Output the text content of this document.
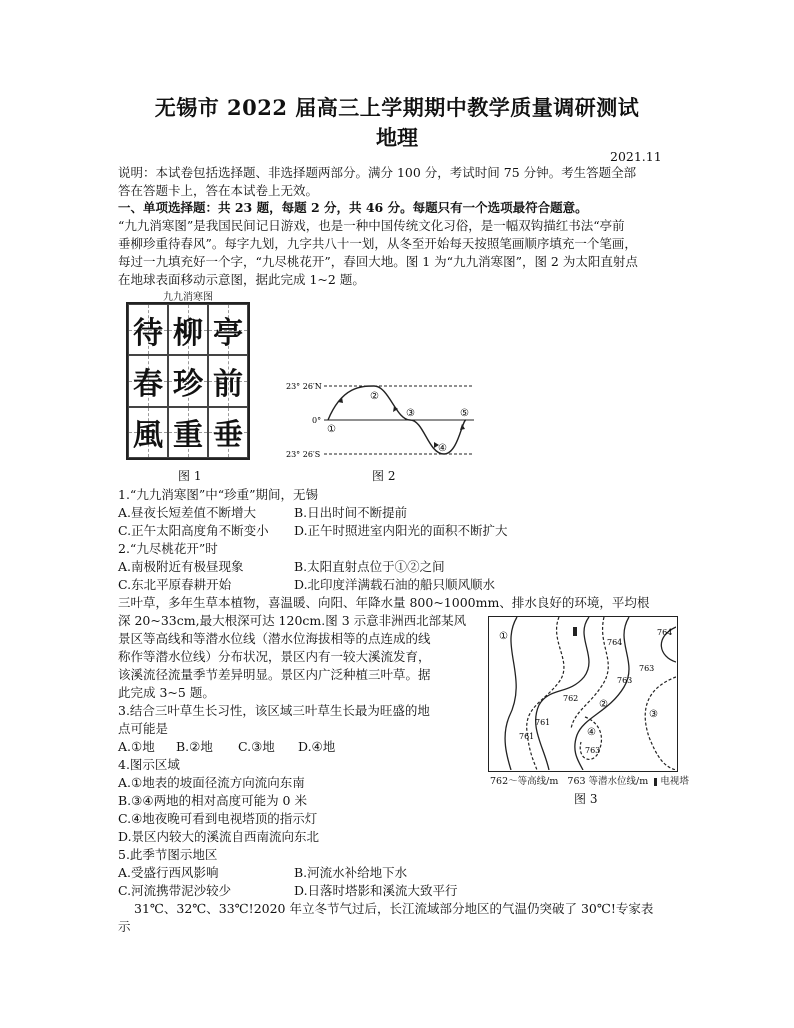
无锡市 2022 届高三上学期期中教学质量调研测试
地理
2021.11
说明：本试卷包括选择题、非选择题两部分。满分 100 分，考试时间 75 分钟。考生答题全部
答在答题卡上，答在本试卷上无效。
一、单项选择题：共 23 题，每题 2 分，共 46 分。每题只有一个选项最符合题意。
“九九消寒图”是我国民间记日游戏，也是一种中国传统文化习俗，是一幅双钩描红书法“亭前
垂柳珍重待春风”。每字九划，九字共八十一划，从冬至开始每天按照笔画顺序填充一个笔画，
每过一九填充好一个字，“九尽桃花开”，春回大地。图 1 为“九九消寒图”，图 2 为太阳直射点
在地球表面移动示意图，据此完成 1~2 题。
九九消寒图
待 柳 亭
春 珍 前
風 重 垂
图 1
23° 26′N
0°
23° 26′S
①
②
③
④
⑤
图 2
1.“九九消寒图”中“珍重”期间，无锡
A.昼夜长短差值不断增大	B.日出时间不断提前
C.正午太阳高度角不断变小 D.正午时照进室内阳光的面积不断扩大
2.“九尽桃花开”时
A.南极附近有极昼现象	B.太阳直射点位于①②之间
C.东北平原春耕开始	D.北印度洋满载石油的船只顺风顺水
三叶草，多年生草本植物，喜温暖、向阳、年降水量 800~1000mm、排水良好的环境，平均根
深 20~33cm,最大根深可达 120cm.图 3 示意非洲西北部某风
景区等高线和等潜水位线（潜水位海拔相等的点连成的线
称作等潜水位线）分布状况，景区内有一较大溪流发育，
该溪流径流量季节差异明显。景区内广泛种植三叶草。据
此完成 3~5 题。
764
764
763
763
762
761
761
763
①
②
③
④
762～等高线/m 763 等潜水位线/m 电视塔
图 3
3.结合三叶草生长习性，该区域三叶草生长最为旺盛的地
点可能是
A.①地 B.②地 C.③地 D.④地
4.图示区域
A.①地表的坡面径流方向流向东南
B.③④两地的相对高度可能为 0 米
C.④地夜晚可看到电视塔顶的指示灯
D.景区内较大的溪流自西南流向东北
5.此季节图示地区
A.受盛行西风影响	B.河流水补给地下水
C.河流携带泥沙较少	D.日落时塔影和溪流大致平行
31℃、32℃、33℃!2020 年立冬节气过后，长江流域部分地区的气温仍突破了 30℃!专家表
示
